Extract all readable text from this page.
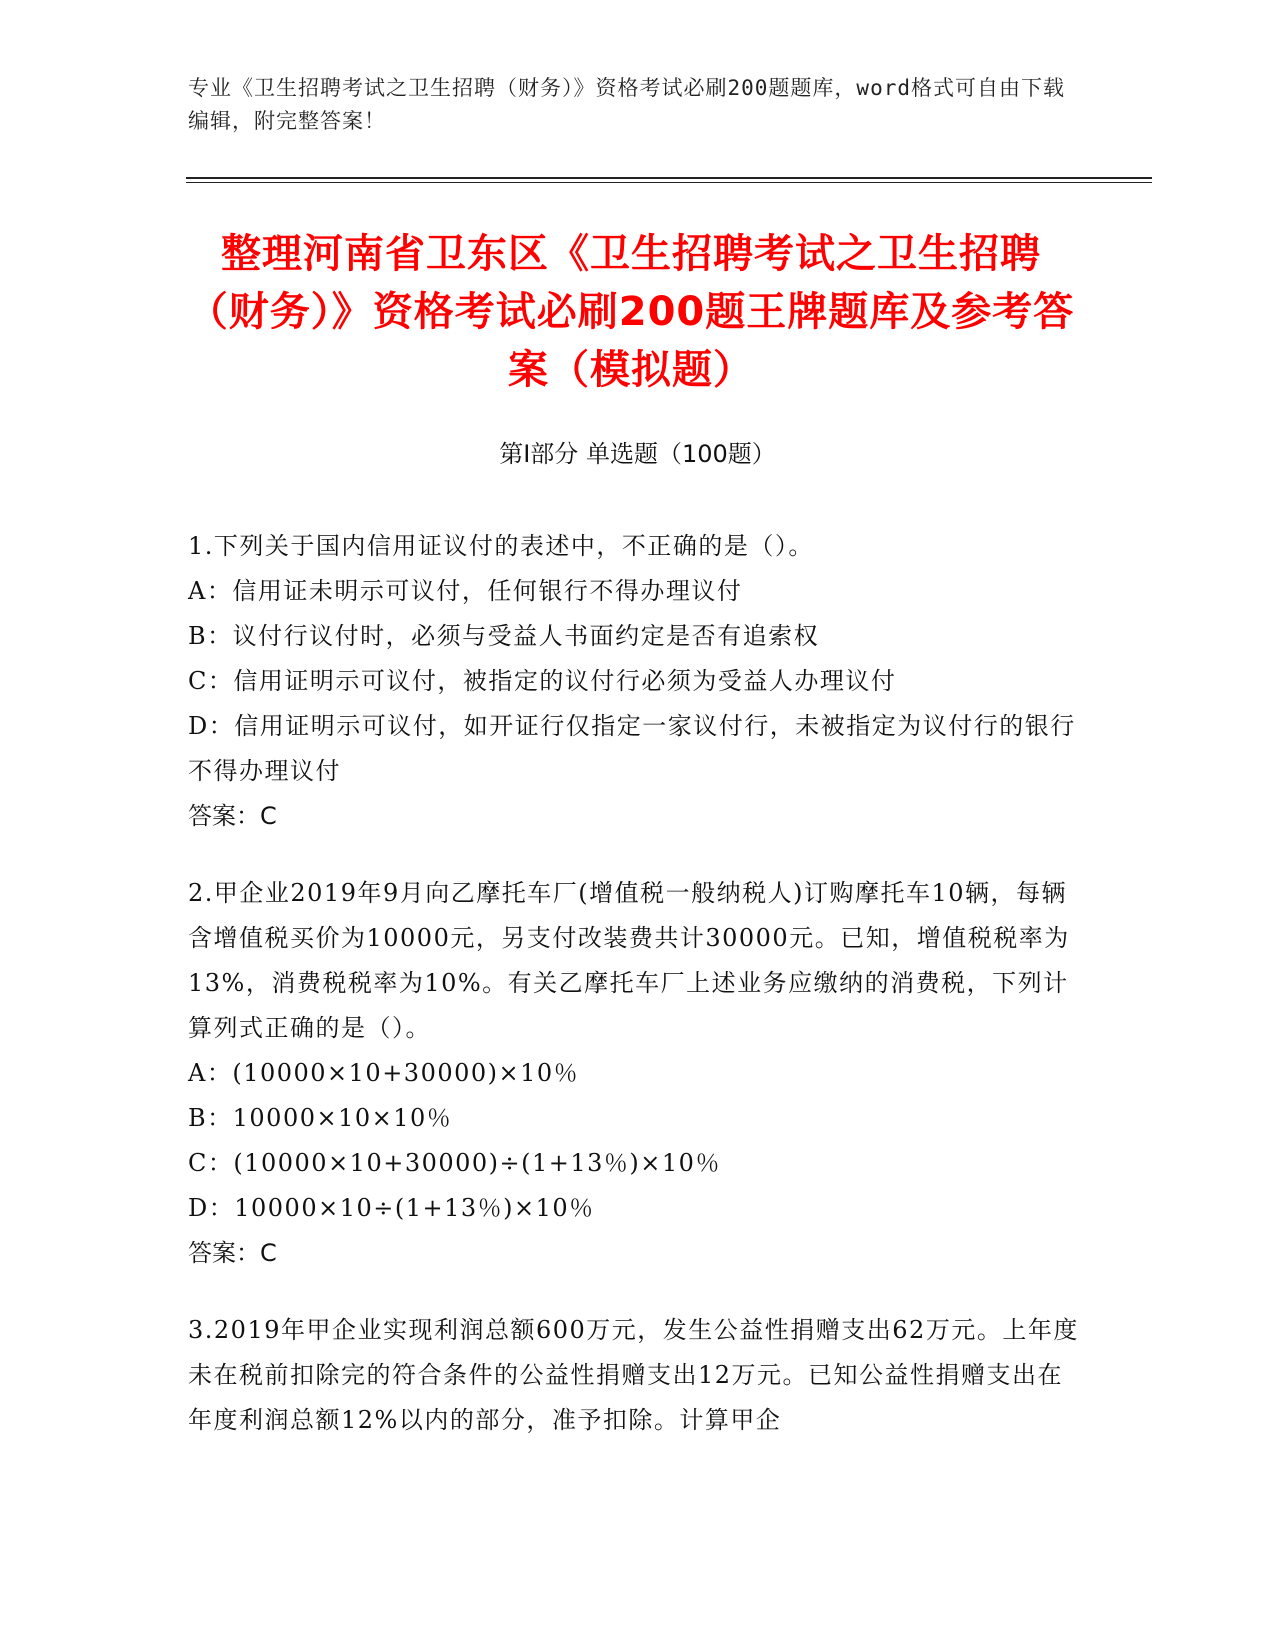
专业《卫生招聘考试之卫生招聘（财务）》资格考试必刷200题题库，word格式可自由下载编辑，附完整答案！
整理河南省卫东区《卫生招聘考试之卫生招聘（财务）》资格考试必刷200题王牌题库及参考答案（模拟题）
第Ⅰ部分 单选题（100题）

1.下列关于国内信用证议付的表述中，不正确的是（）。

A：信用证未明示可议付，任何银行不得办理议付

B：议付行议付时，必须与受益人书面约定是否有追索权

C：信用证明示可议付，被指定的议付行必须为受益人办理议付

D：信用证明示可议付，如开证行仅指定一家议付行，未被指定为议付行的银行不得办理议付

答案：C

2.甲企业2019年9月向乙摩托车厂(增值税一般纳税人)订购摩托车10辆，每辆含增值税买价为10000元，另支付改装费共计30000元。已知，增值税税率为13%，消费税税率为10%。有关乙摩托车厂上述业务应缴纳的消费税，下列计算列式正确的是（）。

A：(10000×10+30000)×10％

B：10000×10×10％

C：(10000×10+30000)÷(1+13％)×10％

D：10000×10÷(1+13％)×10％

答案：C

3.2019年甲企业实现利润总额600万元，发生公益性捐赠支出62万元。上年度未在税前扣除完的符合条件的公益性捐赠支出12万元。已知公益性捐赠支出在年度利润总额12%以内的部分，准予扣除。计算甲企
